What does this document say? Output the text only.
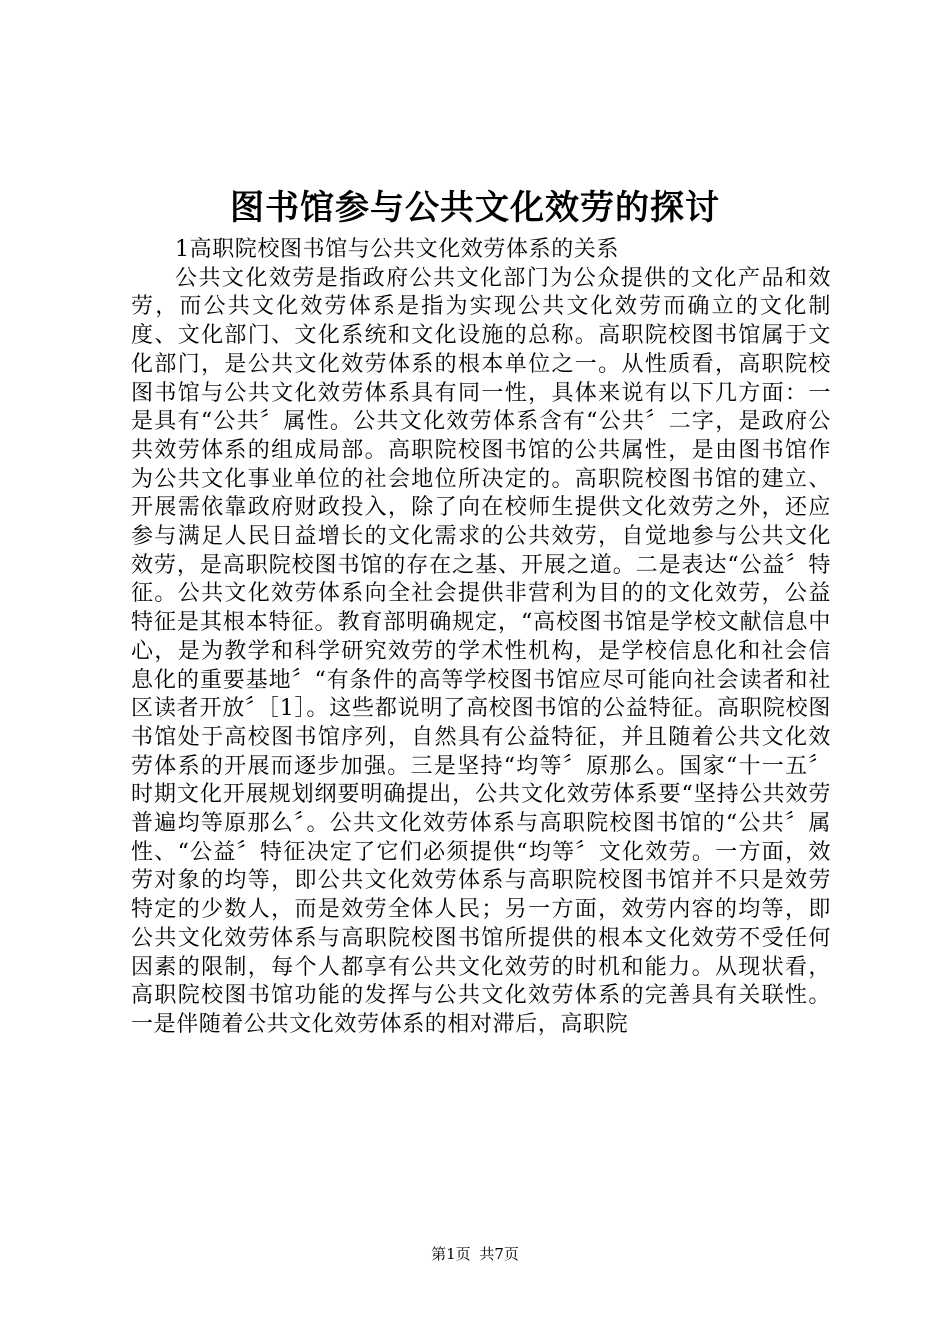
图书馆参与公共文化效劳的探讨

1高职院校图书馆与公共文化效劳体系的关系

公共文化效劳是指政府公共文化部门为公众提供的文化产品和效劳，而公共文化效劳体系是指为实现公共文化效劳而确立的文化制度、文化部门、文化系统和文化设施的总称。高职院校图书馆属于文化部门，是公共文化效劳体系的根本单位之一。从性质看，高职院校图书馆与公共文化效劳体系具有同一性，具体来说有以下几方面：一是具有“公共〞属性。公共文化效劳体系含有“公共〞二字，是政府公共效劳体系的组成局部。高职院校图书馆的公共属性，是由图书馆作为公共文化事业单位的社会地位所决定的。高职院校图书馆的建立、开展需依靠政府财政投入，除了向在校师生提供文化效劳之外，还应参与满足人民日益增长的文化需求的公共效劳，自觉地参与公共文化效劳，是高职院校图书馆的存在之基、开展之道。二是表达“公益〞特征。公共文化效劳体系向全社会提供非营利为目的的文化效劳，公益特征是其根本特征。教育部明确规定，“高校图书馆是学校文献信息中心，是为教学和科学研究效劳的学术性机构，是学校信息化和社会信息化的重要基地〞“有条件的高等学校图书馆应尽可能向社会读者和社区读者开放〞［1］。这些都说明了高校图书馆的公益特征。高职院校图书馆处于高校图书馆序列，自然具有公益特征，并且随着公共文化效劳体系的开展而逐步加强。三是坚持“均等〞原那么。国家“十一五〞时期文化开展规划纲要明确提出，公共文化效劳体系要“坚持公共效劳普遍均等原那么〞。公共文化效劳体系与高职院校图书馆的“公共〞属性、“公益〞特征决定了它们必须提供“均等〞文化效劳。一方面，效劳对象的均等，即公共文化效劳体系与高职院校图书馆并不只是效劳特定的少数人，而是效劳全体人民；另一方面，效劳内容的均等，即公共文化效劳体系与高职院校图书馆所提供的根本文化效劳不受任何因素的限制，每个人都享有公共文化效劳的时机和能力。从现状看，高职院校图书馆功能的发挥与公共文化效劳体系的完善具有关联性。一是伴随着公共文化效劳体系的相对滞后，高职院

第1页 共7页
